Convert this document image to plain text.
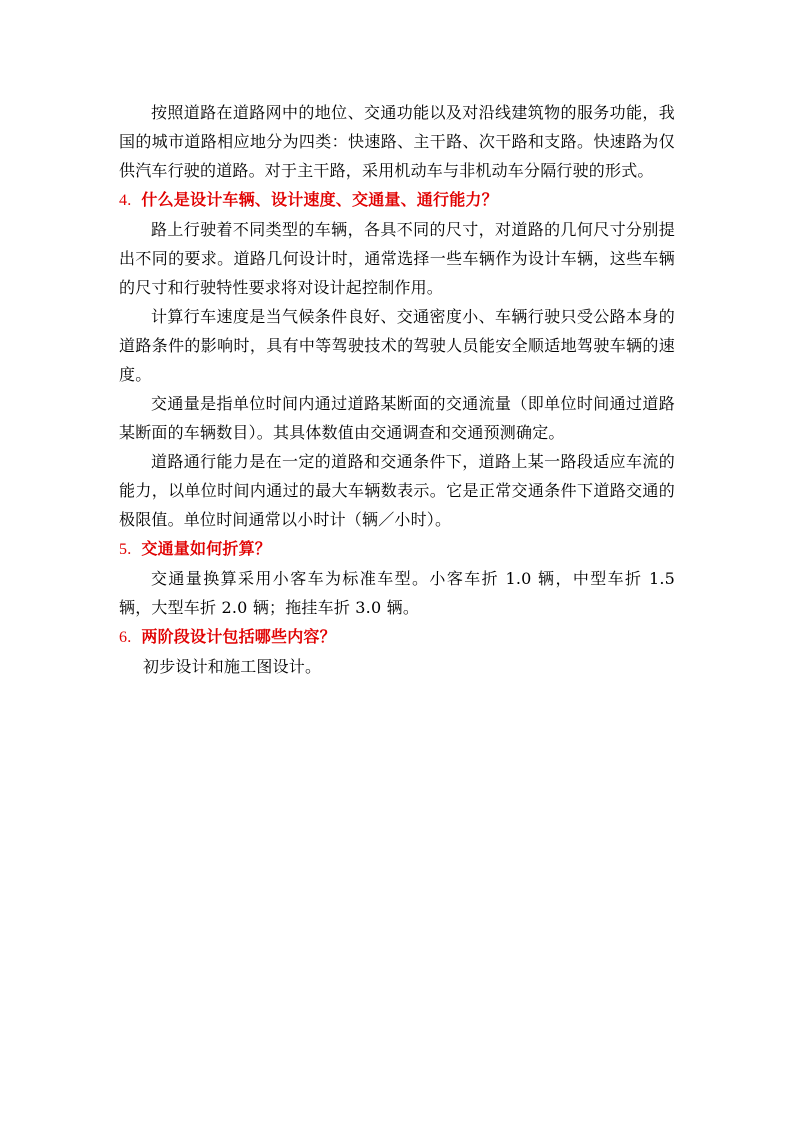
按照道路在道路网中的地位、交通功能以及对沿线建筑物的服务功能，我国的城市道路相应地分为四类：快速路、主干路、次干路和支路。快速路为仅供汽车行驶的道路。对于主干路，采用机动车与非机动车分隔行驶的形式。

4. 什么是设计车辆、设计速度、交通量、通行能力？

路上行驶着不同类型的车辆，各具不同的尺寸，对道路的几何尺寸分别提出不同的要求。道路几何设计时，通常选择一些车辆作为设计车辆，这些车辆的尺寸和行驶特性要求将对设计起控制作用。

计算行车速度是当气候条件良好、交通密度小、车辆行驶只受公路本身的道路条件的影响时，具有中等驾驶技术的驾驶人员能安全顺适地驾驶车辆的速度。

交通量是指单位时间内通过道路某断面的交通流量（即单位时间通过道路某断面的车辆数目）。其具体数值由交通调查和交通预测确定。

道路通行能力是在一定的道路和交通条件下，道路上某一路段适应车流的能力，以单位时间内通过的最大车辆数表示。它是正常交通条件下道路交通的极限值。单位时间通常以小时计（辆／小时）。

5. 交通量如何折算？

交通量换算采用小客车为标准车型。小客车折 1.0 辆，中型车折 1.5 辆，大型车折 2.0 辆；拖挂车折 3.0 辆。

6. 两阶段设计包括哪些内容？

初步设计和施工图设计。
